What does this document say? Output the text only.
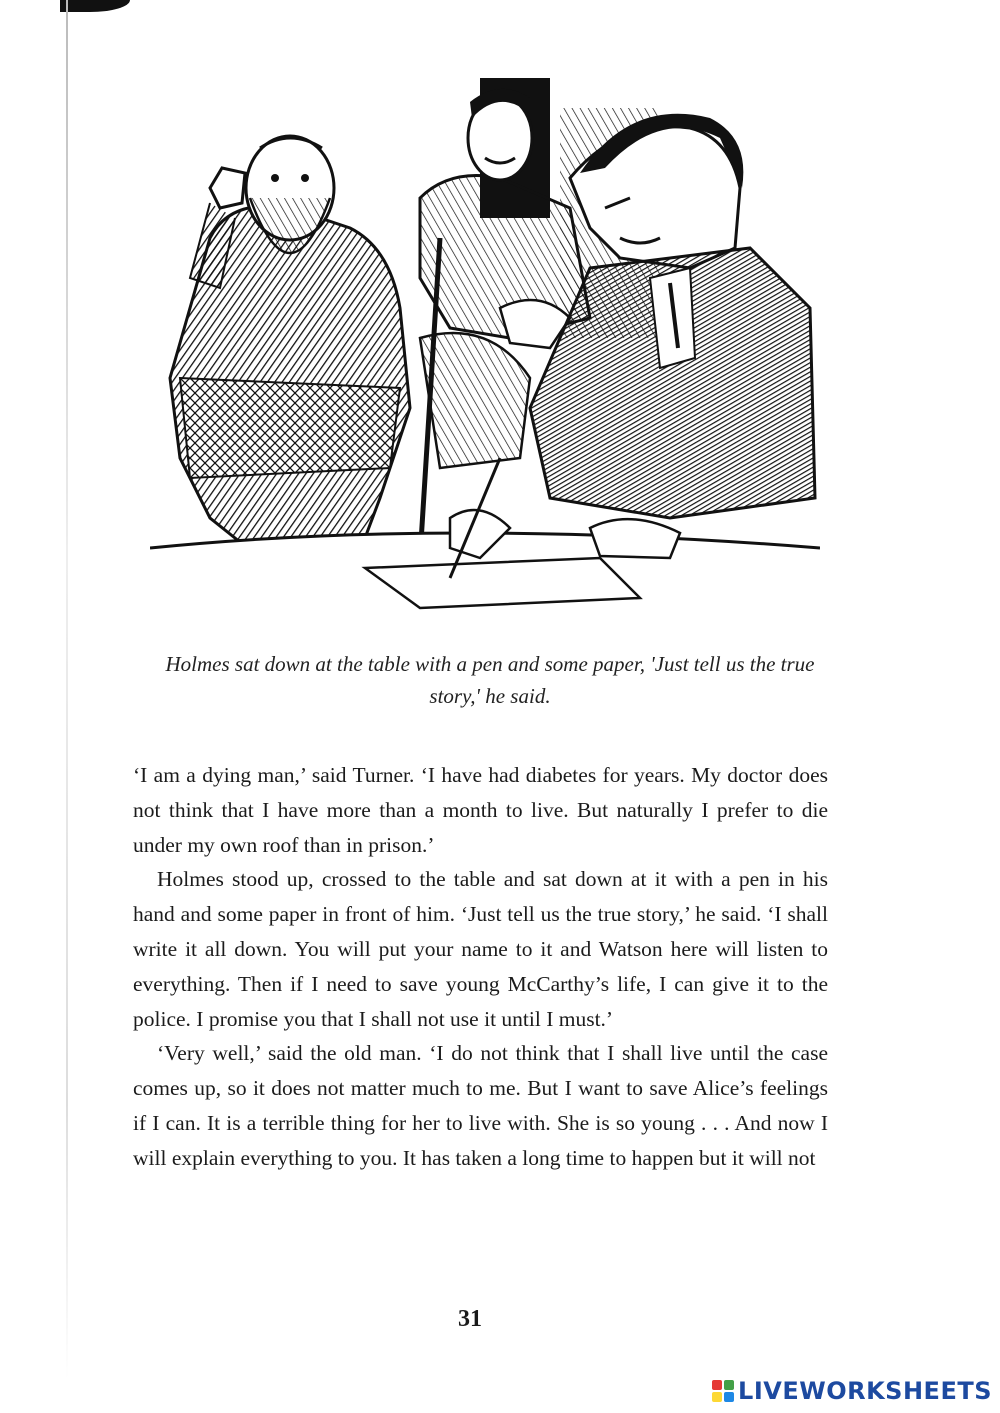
Holmes sat down at the table with a pen and some paper, 'Just tell us the true story,' he said.

‘I am a dying man,’ said Turner. ‘I have had diabetes for years. My doctor does not think that I have more than a month to live. But naturally I prefer to die under my own roof than in prison.’

Holmes stood up, crossed to the table and sat down at it with a pen in his hand and some paper in front of him. ‘Just tell us the true story,’ he said. ‘I shall write it all down. You will put your name to it and Watson here will listen to everything. Then if I need to save young McCarthy’s life, I can give it to the police. I promise you that I shall not use it until I must.’

‘Very well,’ said the old man. ‘I do not think that I shall live until the case comes up, so it does not matter much to me. But I want to save Alice’s feelings if I can. It is a terrible thing for her to live with. She is so young . . . And now I will explain everything to you. It has taken a long time to happen but it will not

31
LIVEWORKSHEETS
